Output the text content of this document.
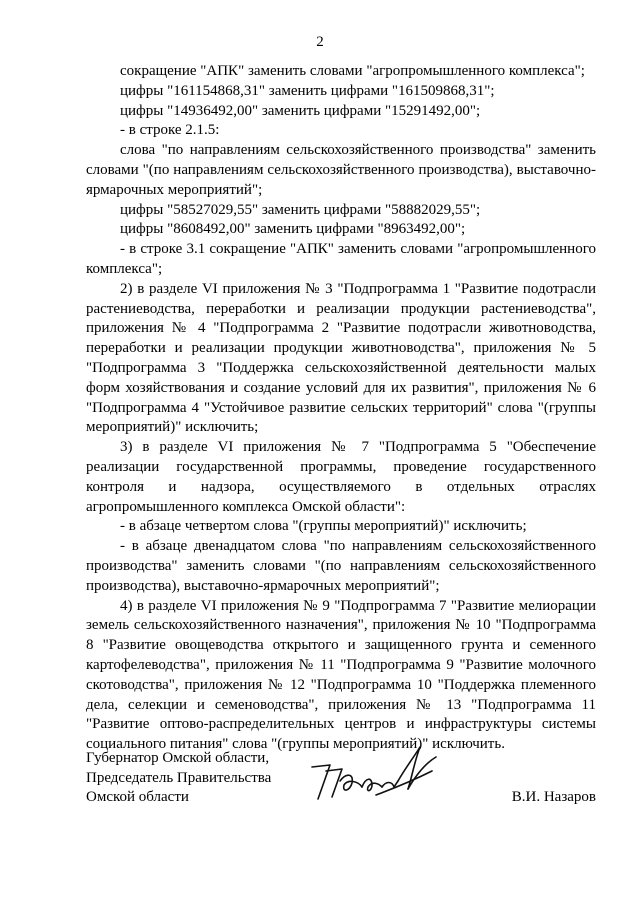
2

сокращение "АПК" заменить словами "агропромышленного комплекса";

цифры "161154868,31" заменить цифрами "161509868,31";

цифры "14936492,00" заменить цифрами "15291492,00";

- в строке 2.1.5:

слова "по направлениям сельскохозяйственного производства" заменить словами "(по направлениям сельскохозяйственного производства), выставочно-ярмарочных мероприятий";

цифры "58527029,55" заменить цифрами "58882029,55";

цифры "8608492,00" заменить цифрами "8963492,00";

- в строке 3.1 сокращение "АПК" заменить словами "агропромышленного комплекса";

2) в разделе VI приложения № 3 "Подпрограмма 1 "Развитие подотрасли растениеводства, переработки и реализации продукции растениеводства", приложения № 4 "Подпрограмма 2 "Развитие подотрасли животноводства, переработки и реализации продукции животноводства", приложения № 5 "Подпрограмма 3 "Поддержка сельскохозяйственной деятельности малых форм хозяйствования и создание условий для их развития", приложения № 6 "Подпрограмма 4 "Устойчивое развитие сельских территорий" слова "(группы мероприятий)" исключить;

3) в разделе VI приложения № 7 "Подпрограмма 5 "Обеспечение реализации государственной программы, проведение государственного контроля и надзора, осуществляемого в отдельных отраслях агропромышленного комплекса Омской области":

- в абзаце четвертом слова "(группы мероприятий)" исключить;

- в абзаце двенадцатом слова "по направлениям сельскохозяйственного производства" заменить словами "(по направлениям сельскохозяйственного производства), выставочно-ярмарочных мероприятий";

4) в разделе VI приложения № 9 "Подпрограмма 7 "Развитие мелиорации земель сельскохозяйственного назначения", приложения № 10 "Подпрограмма 8 "Развитие овощеводства открытого и защищенного грунта и семенного картофелеводства", приложения № 11 "Подпрограмма 9 "Развитие молочного скотоводства", приложения № 12 "Подпрограмма 10 "Поддержка племенного дела, селекции и семеноводства", приложения № 13 "Подпрограмма 11 "Развитие оптово-распределительных центров и инфраструктуры системы социального питания" слова "(группы мероприятий)" исключить.

Губернатор Омской области,
Председатель Правительства
Омской области	В.И. Назаров
